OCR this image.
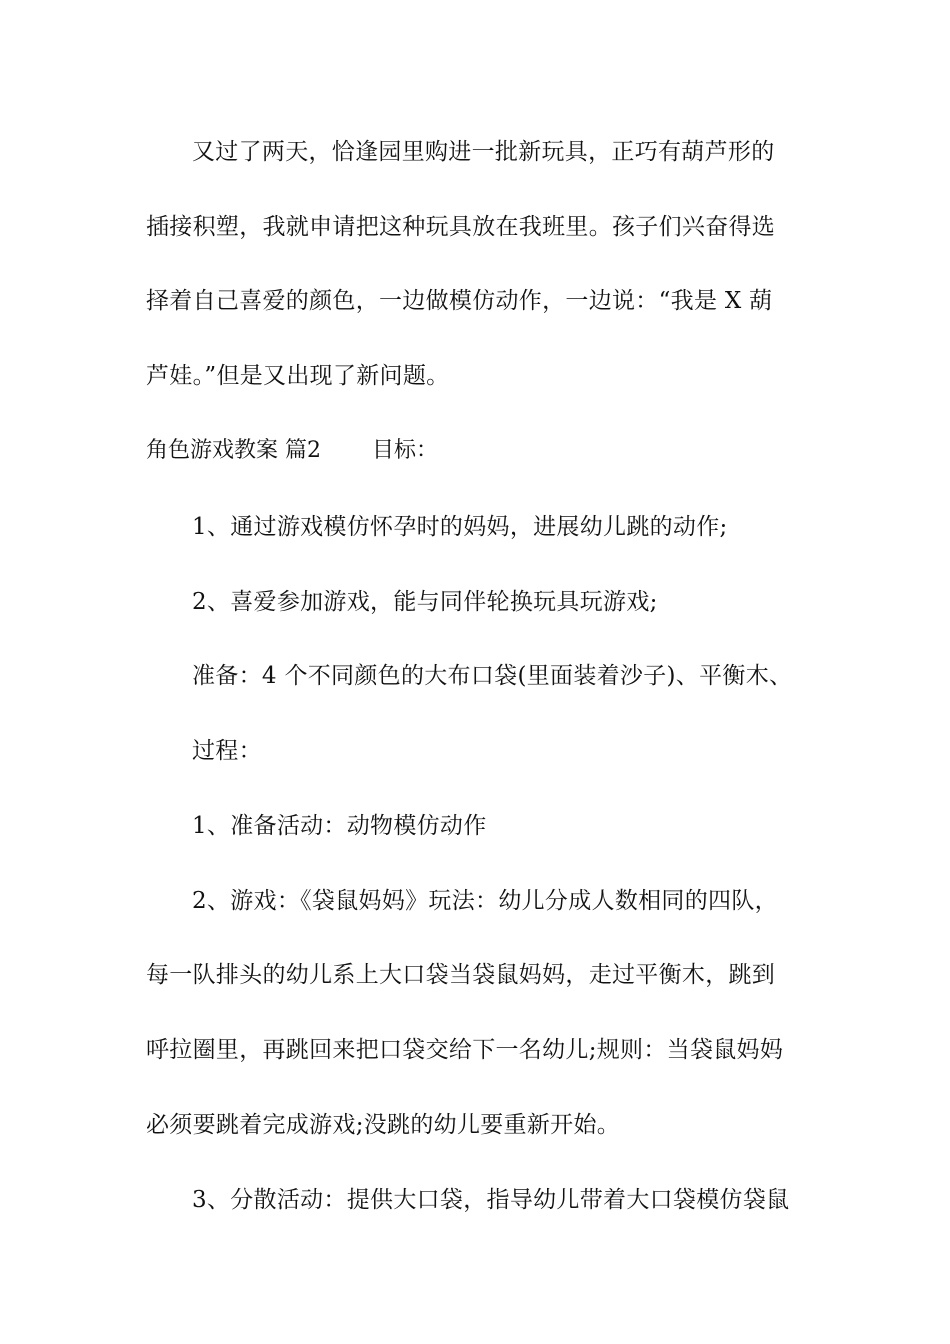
又过了两天，恰逢园里购进一批新玩具，正巧有葫芦形的
插接积塑，我就申请把这种玩具放在我班里。孩子们兴奋得选
择着自己喜爱的颜色，一边做模仿动作，一边说：“我是 X 葫
芦娃。”但是又出现了新问题。
角色游戏教案 篇2 目标：
1、通过游戏模仿怀孕时的妈妈，进展幼儿跳的动作;
2、喜爱参加游戏，能与同伴轮换玩具玩游戏;
准备：4 个不同颜色的大布口袋(里面装着沙子)、平衡木、
过程：
1、准备活动：动物模仿动作
2、游戏：《袋鼠妈妈》玩法：幼儿分成人数相同的四队，
每一队排头的幼儿系上大口袋当袋鼠妈妈，走过平衡木，跳到
呼拉圈里，再跳回来把口袋交给下一名幼儿;规则：当袋鼠妈妈
必须要跳着完成游戏;没跳的幼儿要重新开始。
3、分散活动：提供大口袋，指导幼儿带着大口袋模仿袋鼠
